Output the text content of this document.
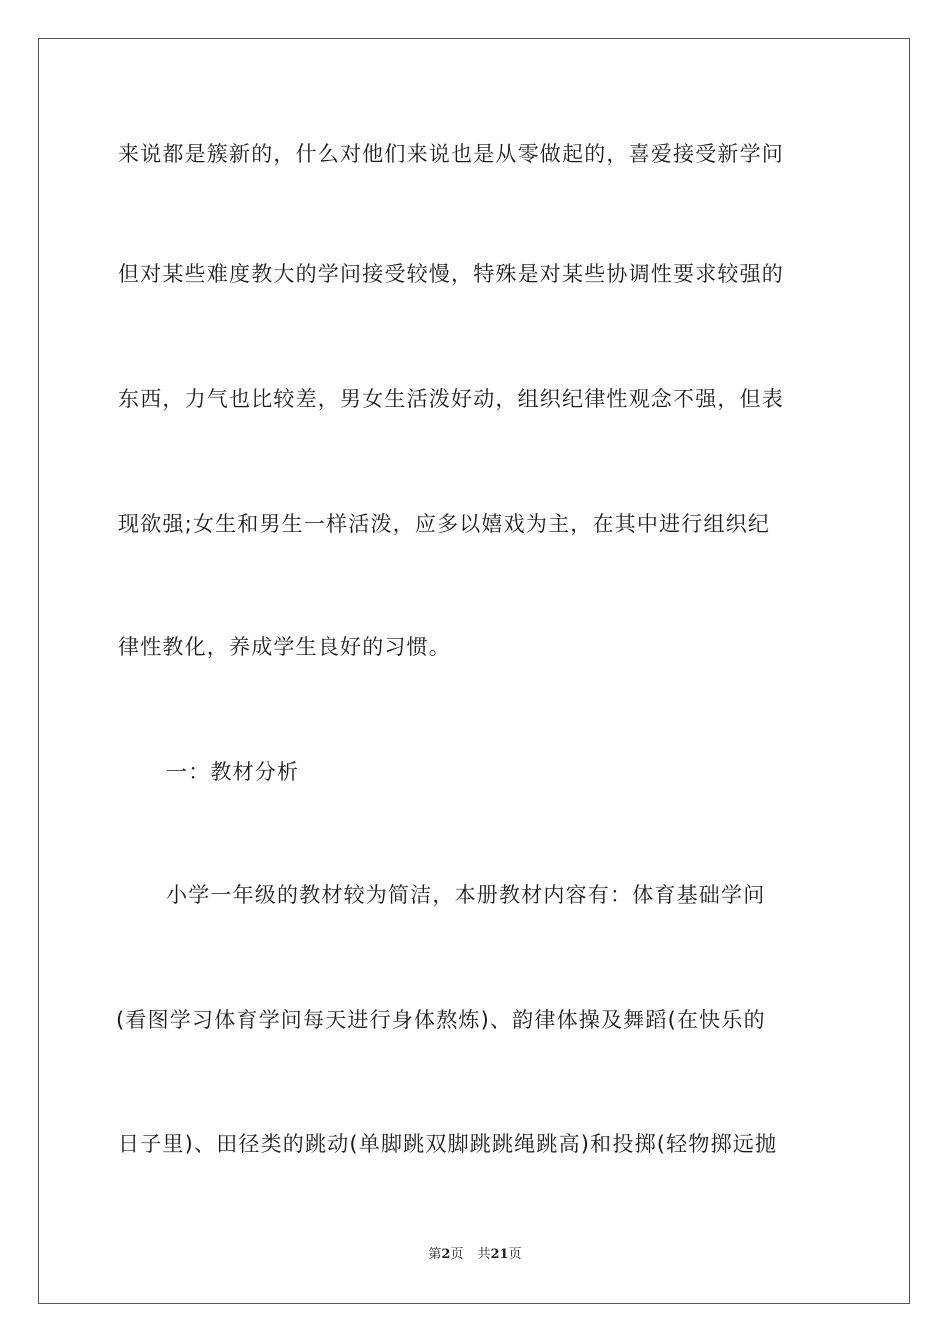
来说都是簇新的，什么对他们来说也是从零做起的，喜爱接受新学问
但对某些难度教大的学问接受较慢，特殊是对某些协调性要求较强的
东西，力气也比较差，男女生活泼好动，组织纪律性观念不强，但表
现欲强;女生和男生一样活泼，应多以嬉戏为主，在其中进行组织纪
律性教化，养成学生良好的习惯。
一：教材分析
小学一年级的教材较为简洁，本册教材内容有：体育基础学问
(看图学习体育学问每天进行身体熬炼)、韵律体操及舞蹈(在快乐的
日子里)、田径类的跳动(单脚跳双脚跳跳绳跳高)和投掷(轻物掷远抛
第2页 共21页
